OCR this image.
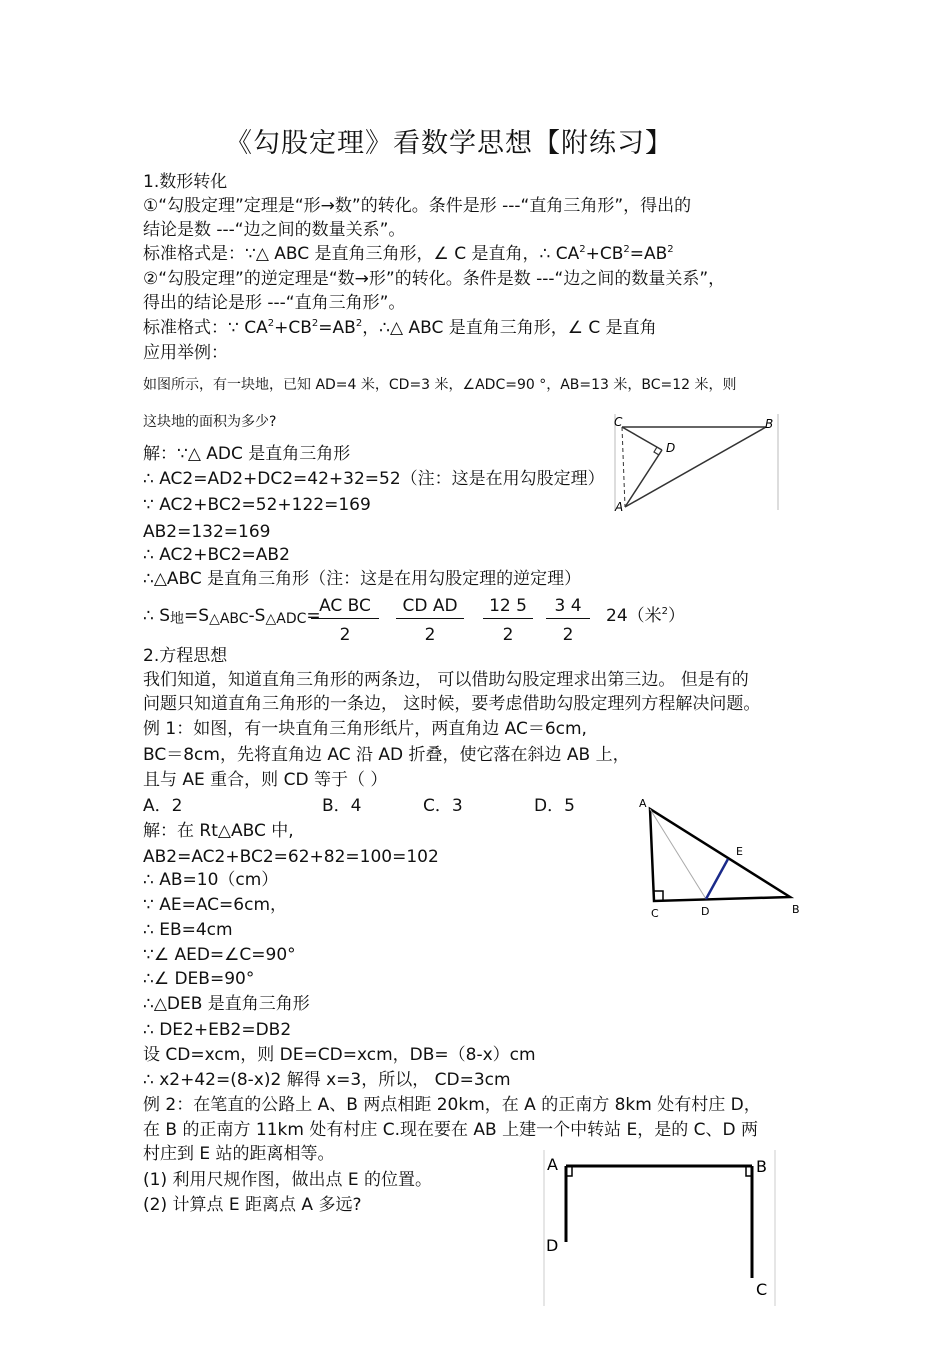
《勾股定理》看数学思想【附练习】
1.数形转化
①“勾股定理”定理是“形→数”的转化。条件是形 ---“直角三角形”，得出的
结论是数 ---“边之间的数量关系”。
标准格式是：∵△ ABC 是直角三角形，∠ C 是直角，∴ $CA^2+CB^2=AB^2$
②“勾股定理”的逆定理是“数→形”的转化。条件是数 ---“边之间的数量关系”，
得出的结论是形 ---“直角三角形”。
标准格式：∵ $CA^2+CB^2=AB^2$，∴△ ABC 是直角三角形，∠ C 是直角
应用举例：
如图所示，有一块地，已知 AD=4 米，CD=3 米，∠ADC=90 °，AB=13 米，BC=12 米，则
这块地的面积为多少?	C	B
D
A
解：∵△ ADC 是直角三角形
∴ AC2=AD2+DC2=42+32=52（注：这是在用勾股定理）
∵ AC2+BC2=52+122=169
AB2=132=169
∴ AC2+BC2=AB2
∴△ABC 是直角三角形（注：这是在用勾股定理的逆定理）
∴ $S_地=S_{\triangle ABC}-S_{\triangle ADC}=$
AC BC
2
CD AD
2
12 5
2
3 4
2
24（米$^2$）
2.方程思想
我们知道，知道直角三角形的两条边， 可以借助勾股定理求出第三边。 但是有的
问题只知道直角三角形的一条边， 这时候，要考虑借助勾股定理列方程解决问题。
例 1：如图，有一块直角三角形纸片，两直角边 AC＝6cm,
BC＝8cm，先将直角边 AC 沿 AD 折叠，使它落在斜边 AB 上，
且与 AE 重合，则 CD 等于（ ）
A．2	B．4	C．3	D．5	A
E
C	D	B
解：在 Rt△ABC 中,
AB2=AC2+BC2=62+82=100=102
∴ AB=10（cm）
∵ AE=AC=6cm，
∴ EB=4cm
∵∠ AED=∠C=90°
∴∠ DEB=90°
∴△DEB 是直角三角形
∴ DE2+EB2=DB2
设 CD=xcm，则 DE=CD=xcm，DB=（8-x）cm
∴ x2+42=(8-x)2 解得 x=3，所以， CD=3cm
例 2：在笔直的公路上 A、B 两点相距 20km，在 A 的正南方 8km 处有村庄 D，
在 B 的正南方 11km 处有村庄 C.现在要在 AB 上建一个中转站 E，是的 C、D 两
村庄到 E 站的距离相等。
(1) 利用尺规作图，做出点 E 的位置。
(2) 计算点 E 距离点 A 多远?
A	B
D
C
